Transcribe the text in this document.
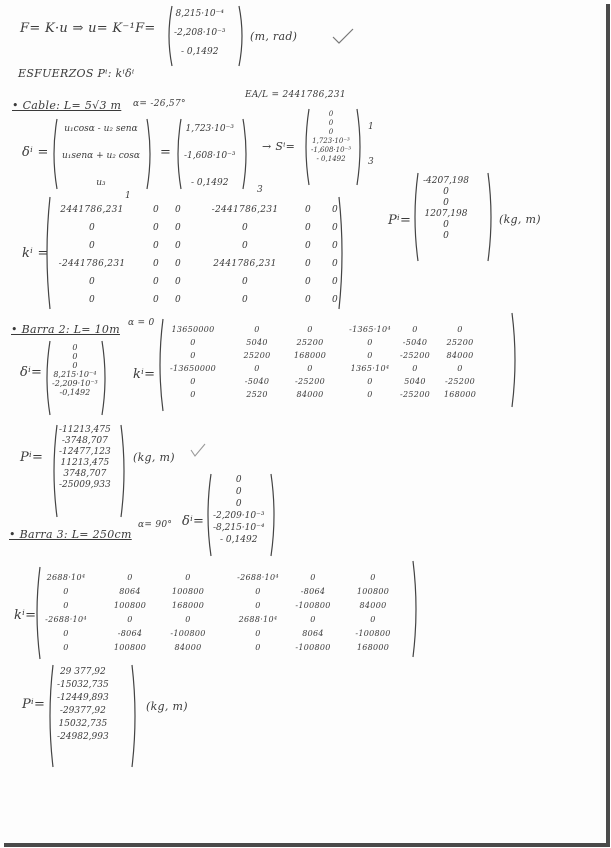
F= K·u ⇒ u= K⁻¹F=
8,215·10⁻⁴
-2,208·10⁻³
- 0,1492
(m, rad)
ESFUERZOS Pⁱ: kⁱδⁱ
• Cable: L= 5√3 m α= -26,57°
EA/L = 2441786,231
δⁱ =
u₁cosα - u₂ senα
u₁senα + u₂ cosα
u₃
=
1,723·10⁻³
-1,608·10⁻³
- 0,1492
→ Sⁱ=
0
0
0
1,723·10⁻³
-1,608·10⁻³
- 0,1492
1
3
1
3
kⁱ =
2441786,231	0 0	-2441786,231	0 0
0	0 0	0	0 0
0	0 0	0	0 0
-2441786,231	0 0	2441786,231	0 0
0	0 0	0	0 0
0	0 0	0	0 0
Pⁱ=
-4207,198
0
0
1207,198
0
0
(kg, m)
• Barra 2: L= 10m α = 0
δⁱ=
0
0
0
8,215·10⁻⁴
-2,209·10⁻³
-0,1492
kⁱ=
13650000	0	0	-1365·10⁴	0	0
0	5040	25200	0	-5040 25200
0	25200	168000	0	-25200 84000
-13650000	0	0	1365·10⁴	0	0
0	-5040	-25200	0	5040 -25200
0	2520	84000	0	-25200 168000
Pⁱ=
-11213,475
-3748,707
-12477,123
11213,475
3748,707
-25009,933
(kg, m)
• Barra 3: L= 250cm
α= 90° δⁱ=
0
0
0
-2,209·10⁻³
-8,215·10⁻⁴
- 0,1492
kⁱ=
2688·10⁴	0	0	-2688·10⁴	0	0
0	8064	100800	0	-8064	100800
0	100800	168000	0	-100800	84000
-2688·10⁴	0	0	2688·10⁴	0	0
0	-8064	-100800	0	8064	-100800
0	100800	84000	0	-100800	168000
Pⁱ=
29 377,92
-15032,735
-12449,893
-29377,92
15032,735
-24982,993
(kg, m)
